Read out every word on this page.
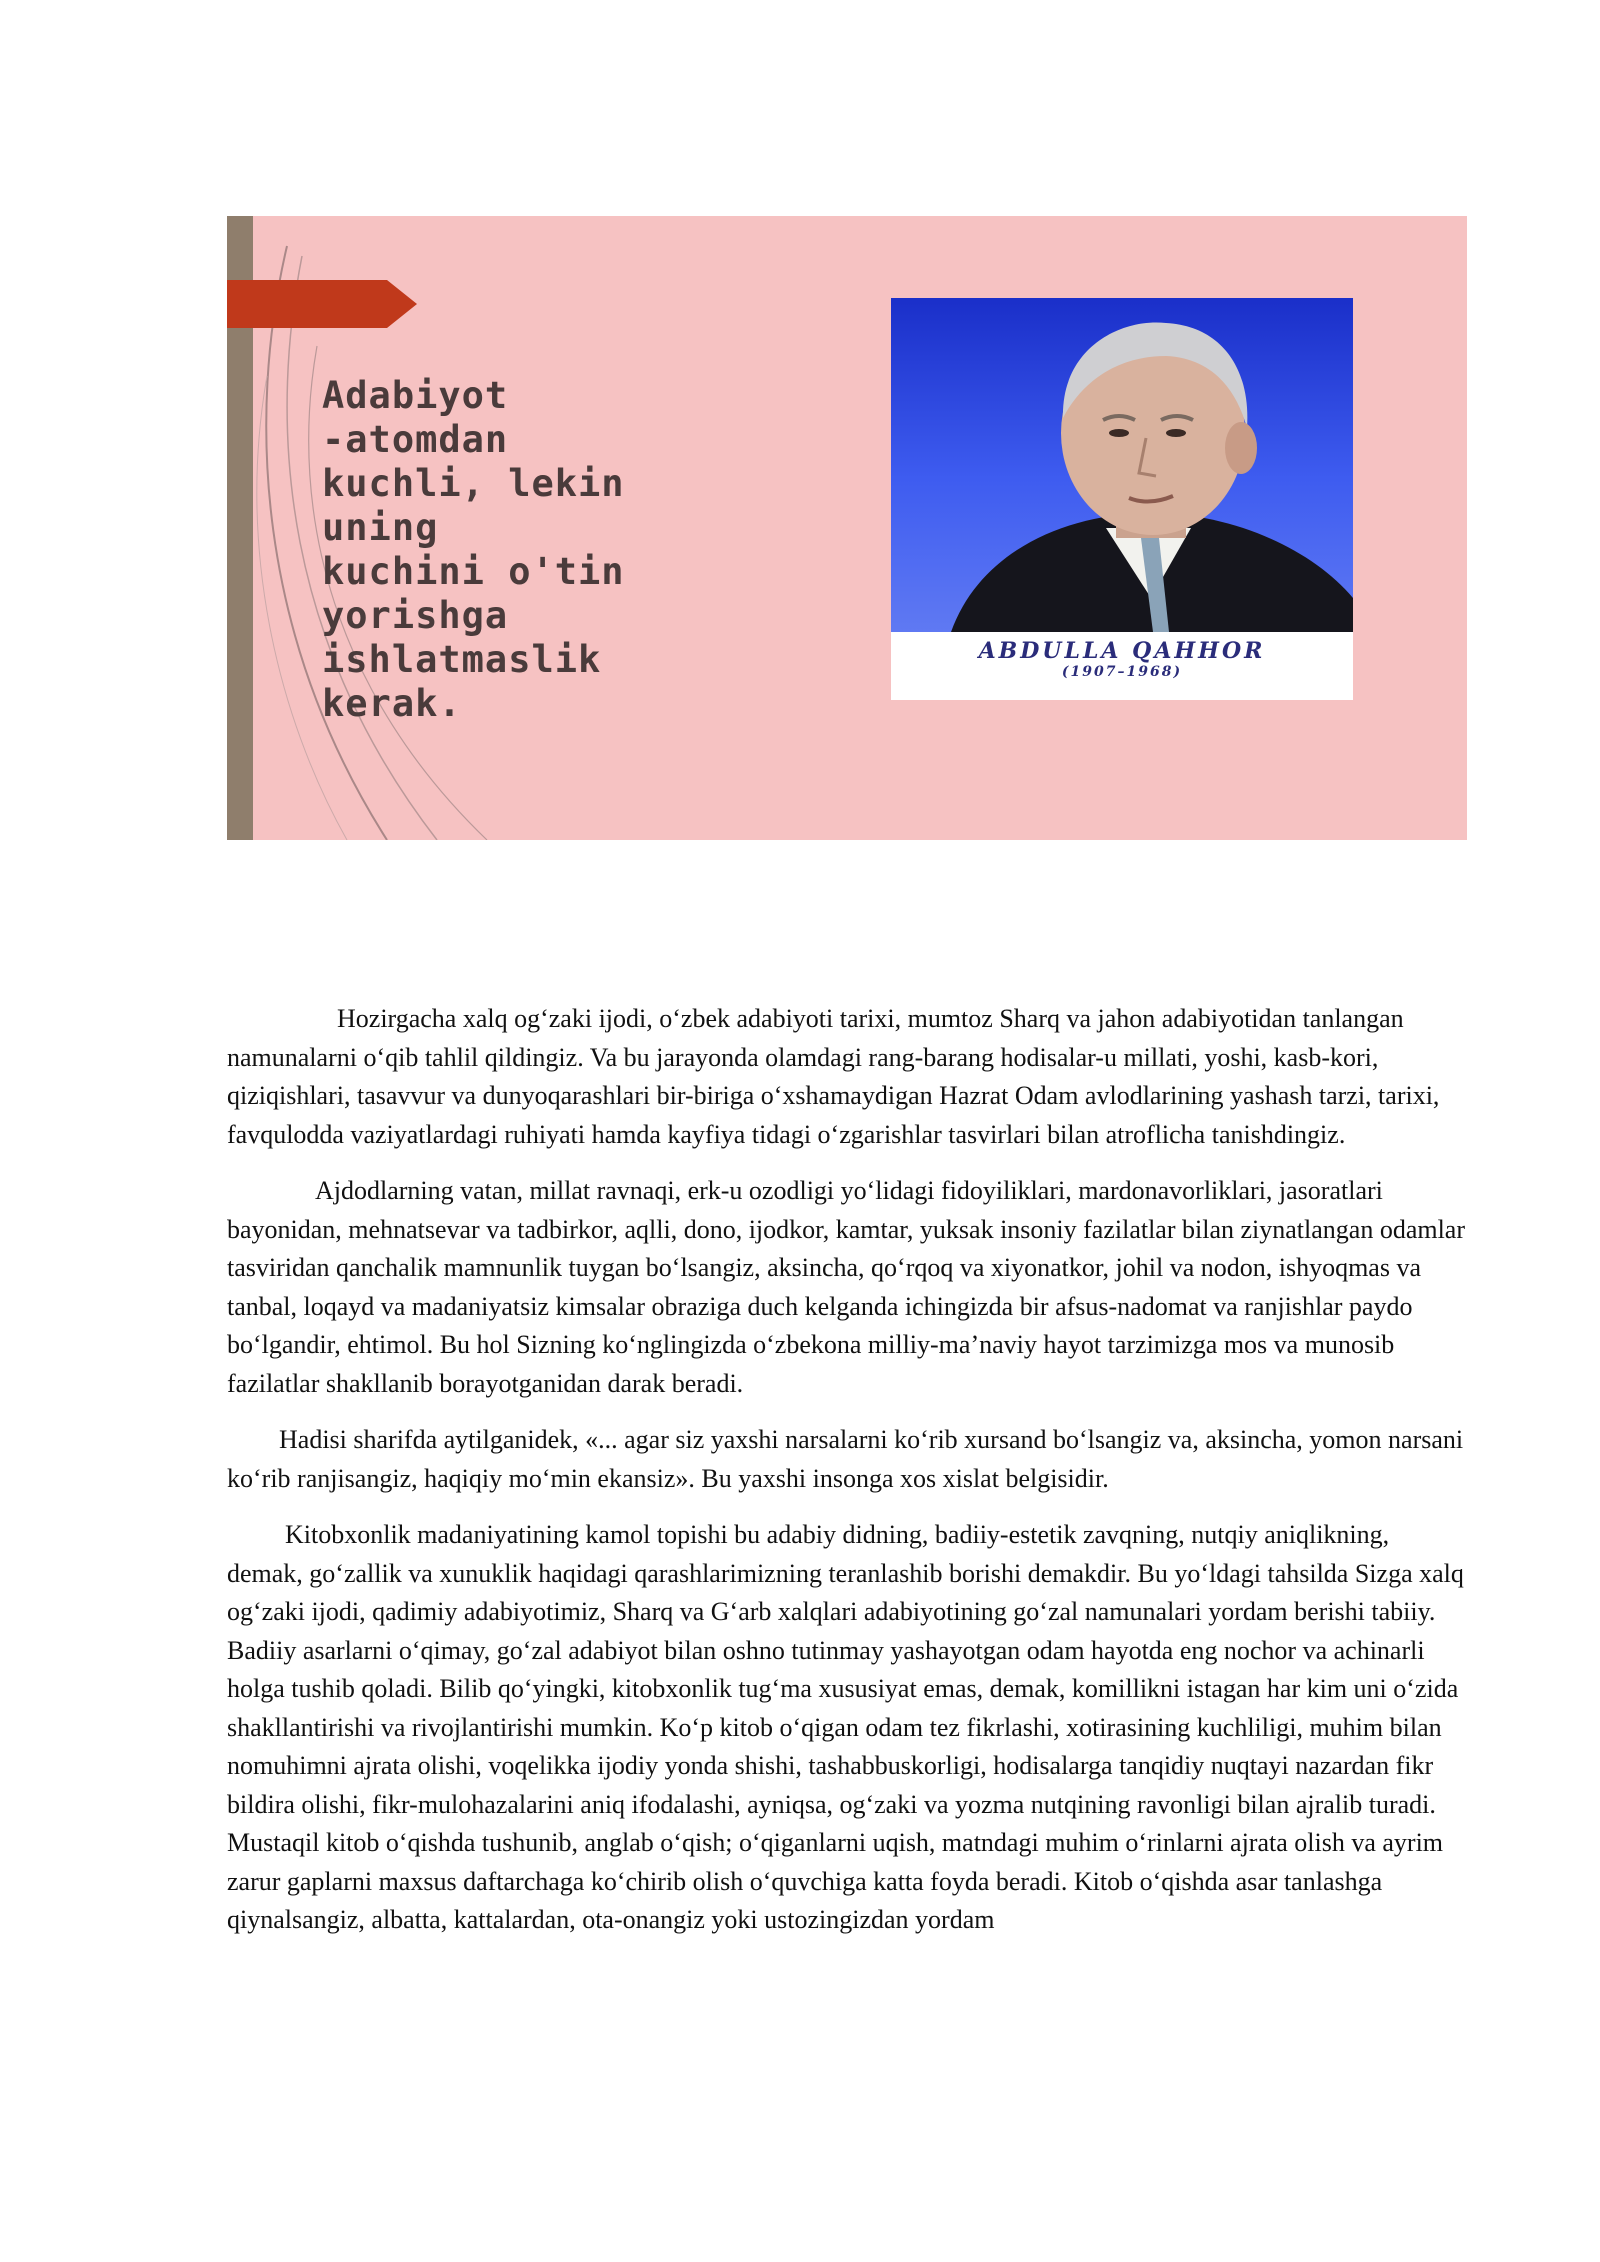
Adabiyot
-atomdan
kuchli, lekin
uning
kuchini o'tin
yorishga
ishlatmaslik
kerak.

ABDULLA QAHHOR
(1907–1968)

Hozirgacha xalq og‘zaki ijodi, o‘zbek adabiyoti tarixi, mumtoz Sharq va jahon adabiyotidan tanlangan namunalarni o‘qib tahlil qildingiz. Va bu jarayonda olamdagi rang-barang hodisalar-u millati, yoshi, kasb-kori, qiziqishlari, tasavvur va dunyoqarashlari bir-biriga o‘xshamaydigan Hazrat Odam avlodlarining yashash tarzi, tarixi, favqulodda vaziyatlardagi ruhiyati hamda kayfiya tidagi o‘zgarishlar tasvirlari bilan atroflicha tanishdingiz.

Ajdodlarning vatan, millat ravnaqi, erk-u ozodligi yo‘lidagi fidoyiliklari, mardonavorliklari, jasoratlari bayonidan, mehnatsevar va tadbirkor, aqlli, dono, ijodkor, kamtar, yuksak insoniy fazilatlar bilan ziynatlangan odamlar tasviridan qanchalik mamnunlik tuygan bo‘lsangiz, aksincha, qo‘rqoq va xiyonatkor, johil va nodon, ishyoqmas va tanbal, loqayd va madaniyatsiz kimsalar obraziga duch kelganda ichingizda bir afsus-nadomat va ranjishlar paydo bo‘lgandir, ehtimol. Bu hol Sizning ko‘nglingizda o‘zbekona milliy-ma’naviy hayot tarzimizga mos va munosib fazilatlar shakllanib borayotganidan darak beradi.

Hadisi sharifda aytilganidek, «... agar siz yaxshi narsalarni ko‘rib xursand bo‘lsangiz va, aksincha, yomon narsani ko‘rib ranjisangiz, haqiqiy mo‘min ekansiz». Bu yaxshi insonga xos xislat belgisidir.

Kitobxonlik madaniyatining kamol topishi bu adabiy didning, badiiy-estetik zavqning, nutqiy aniqlikning, demak, go‘zallik va xunuklik haqidagi qarashlarimizning teranlashib borishi demakdir. Bu yo‘ldagi tahsilda Sizga xalq og‘zaki ijodi, qadimiy adabiyotimiz, Sharq va G‘arb xalqlari adabiyotining go‘zal namunalari yordam berishi tabiiy. Badiiy asarlarni o‘qimay, go‘zal adabiyot bilan oshno tutinmay yashayotgan odam hayotda eng nochor va achinarli holga tushib qoladi. Bilib qo‘yingki, kitobxonlik tug‘ma xususiyat emas, demak, komillikni istagan har kim uni o‘zida shakllantirishi va rivojlantirishi mumkin. Ko‘p kitob o‘qigan odam tez fikrlashi, xotirasining kuchliligi, muhim bilan nomuhimni ajrata olishi, voqelikka ijodiy yonda shishi, tashabbuskorligi, hodisalarga tanqidiy nuqtayi nazardan fikr bildira olishi, fikr-mulohazalarini aniq ifodalashi, ayniqsa, og‘zaki va yozma nutqining ravonligi bilan ajralib turadi. Mustaqil kitob o‘qishda tushunib, anglab o‘qish; o‘qiganlarni uqish, matndagi muhim o‘rinlarni ajrata olish va ayrim zarur gaplarni maxsus daftarchaga ko‘chirib olish o‘quvchiga katta foyda beradi. Kitob o‘qishda asar tanlashga qiynalsangiz, albatta, kattalardan, ota-onangiz yoki ustozingizdan yordam
